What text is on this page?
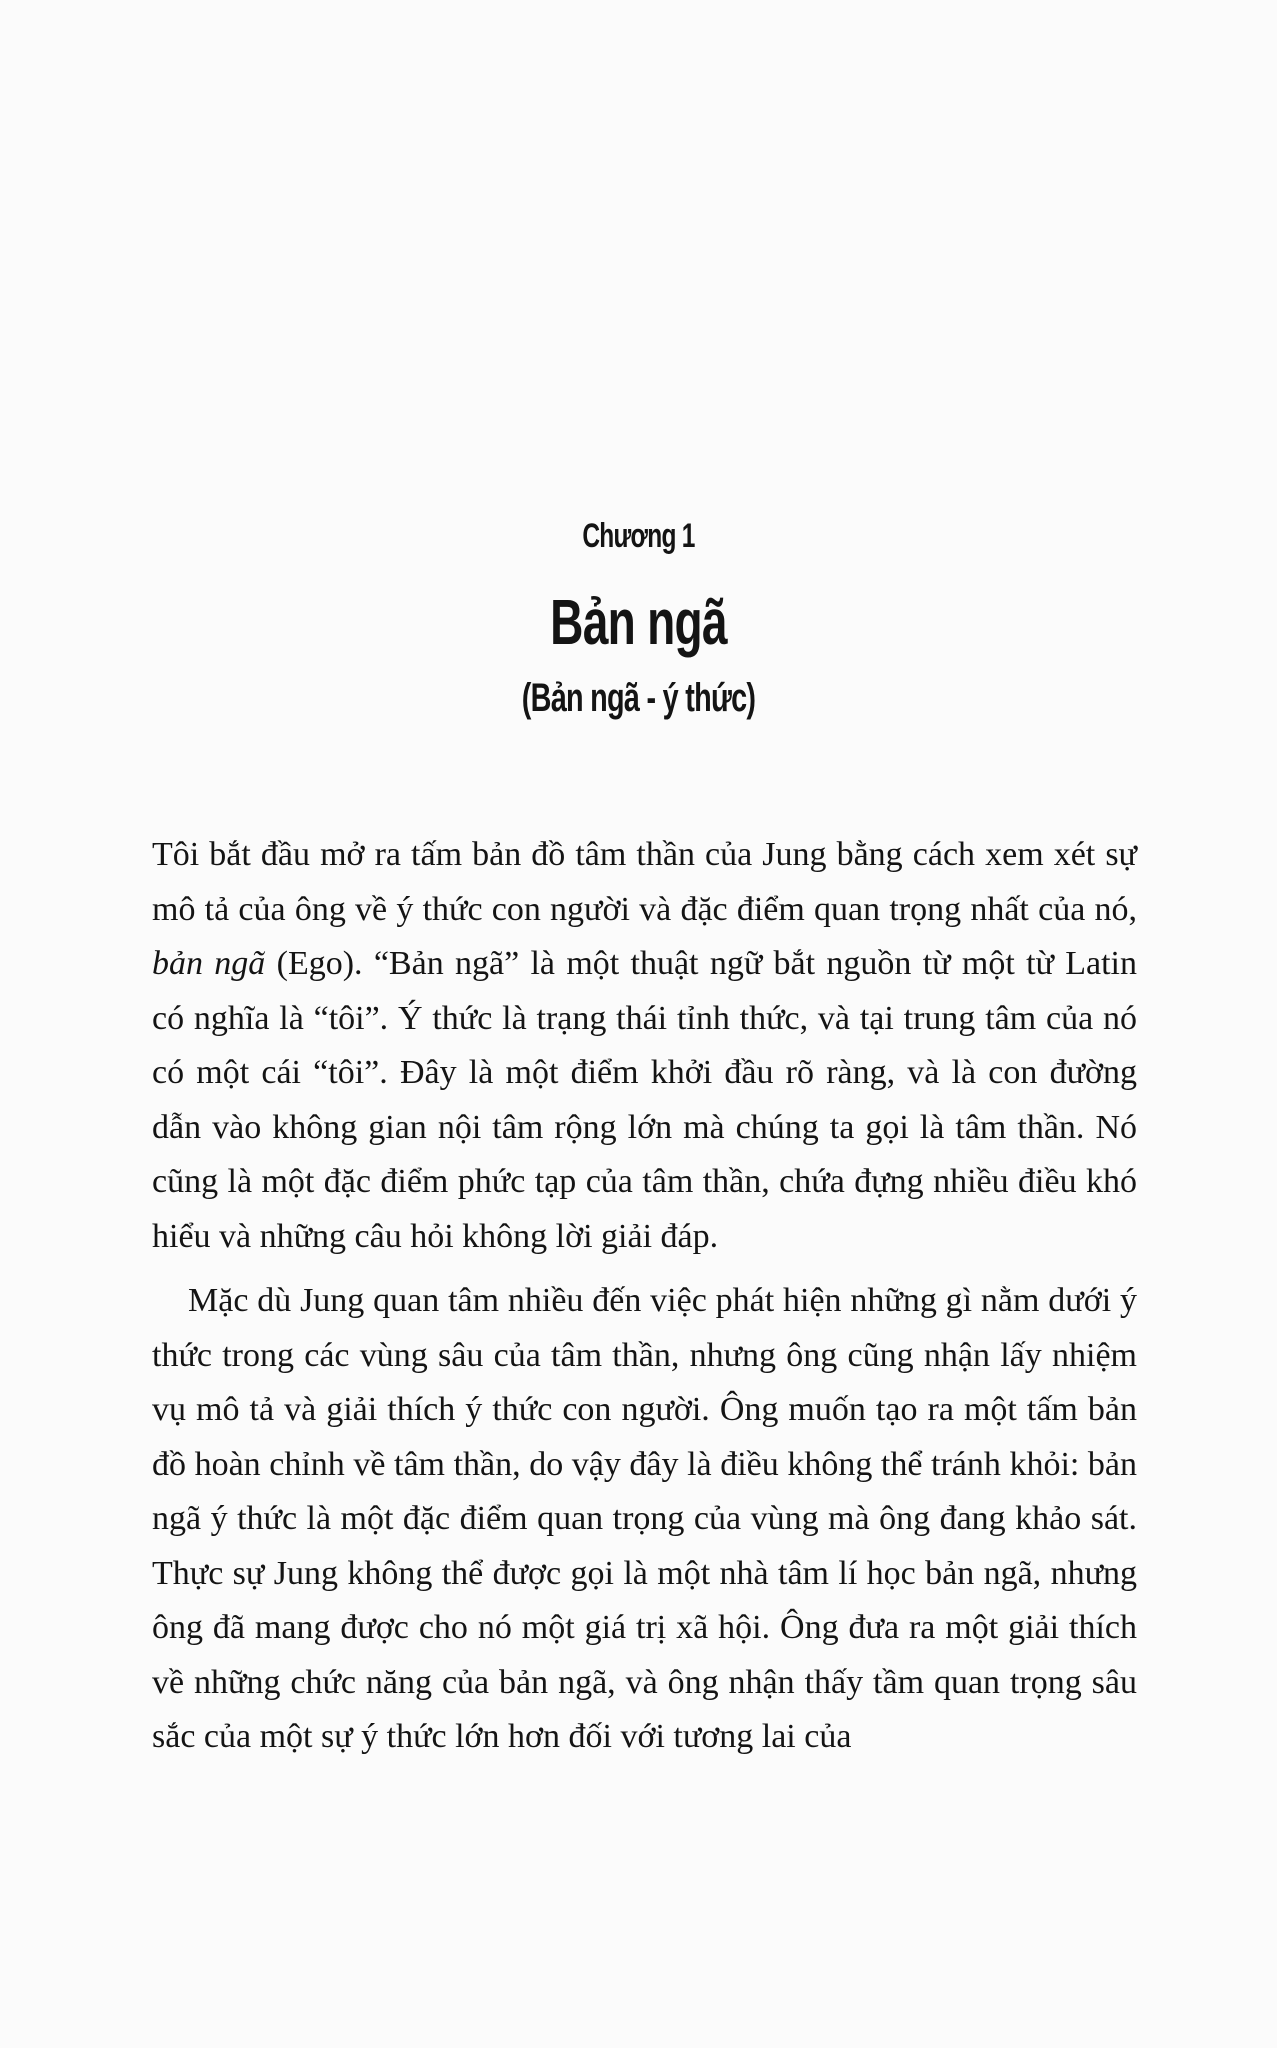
Chương 1
Bản ngã
(Bản ngã - ý thức)

Tôi bắt đầu mở ra tấm bản đồ tâm thần của Jung bằng cách xem xét sự mô tả của ông về ý thức con người và đặc điểm quan trọng nhất của nó, bản ngã (Ego). “Bản ngã” là một thuật ngữ bắt nguồn từ một từ Latin có nghĩa là “tôi”. Ý thức là trạng thái tỉnh thức, và tại trung tâm của nó có một cái “tôi”. Đây là một điểm khởi đầu rõ ràng, và là con đường dẫn vào không gian nội tâm rộng lớn mà chúng ta gọi là tâm thần. Nó cũng là một đặc điểm phức tạp của tâm thần, chứa đựng nhiều điều khó hiểu và những câu hỏi không lời giải đáp.

Mặc dù Jung quan tâm nhiều đến việc phát hiện những gì nằm dưới ý thức trong các vùng sâu của tâm thần, nhưng ông cũng nhận lấy nhiệm vụ mô tả và giải thích ý thức con người. Ông muốn tạo ra một tấm bản đồ hoàn chỉnh về tâm thần, do vậy đây là điều không thể tránh khỏi: bản ngã ý thức là một đặc điểm quan trọng của vùng mà ông đang khảo sát. Thực sự Jung không thể được gọi là một nhà tâm lí học bản ngã, nhưng ông đã mang được cho nó một giá trị xã hội. Ông đưa ra một giải thích về những chức năng của bản ngã, và ông nhận thấy tầm quan trọng sâu sắc của một sự ý thức lớn hơn đối với tương lai của
